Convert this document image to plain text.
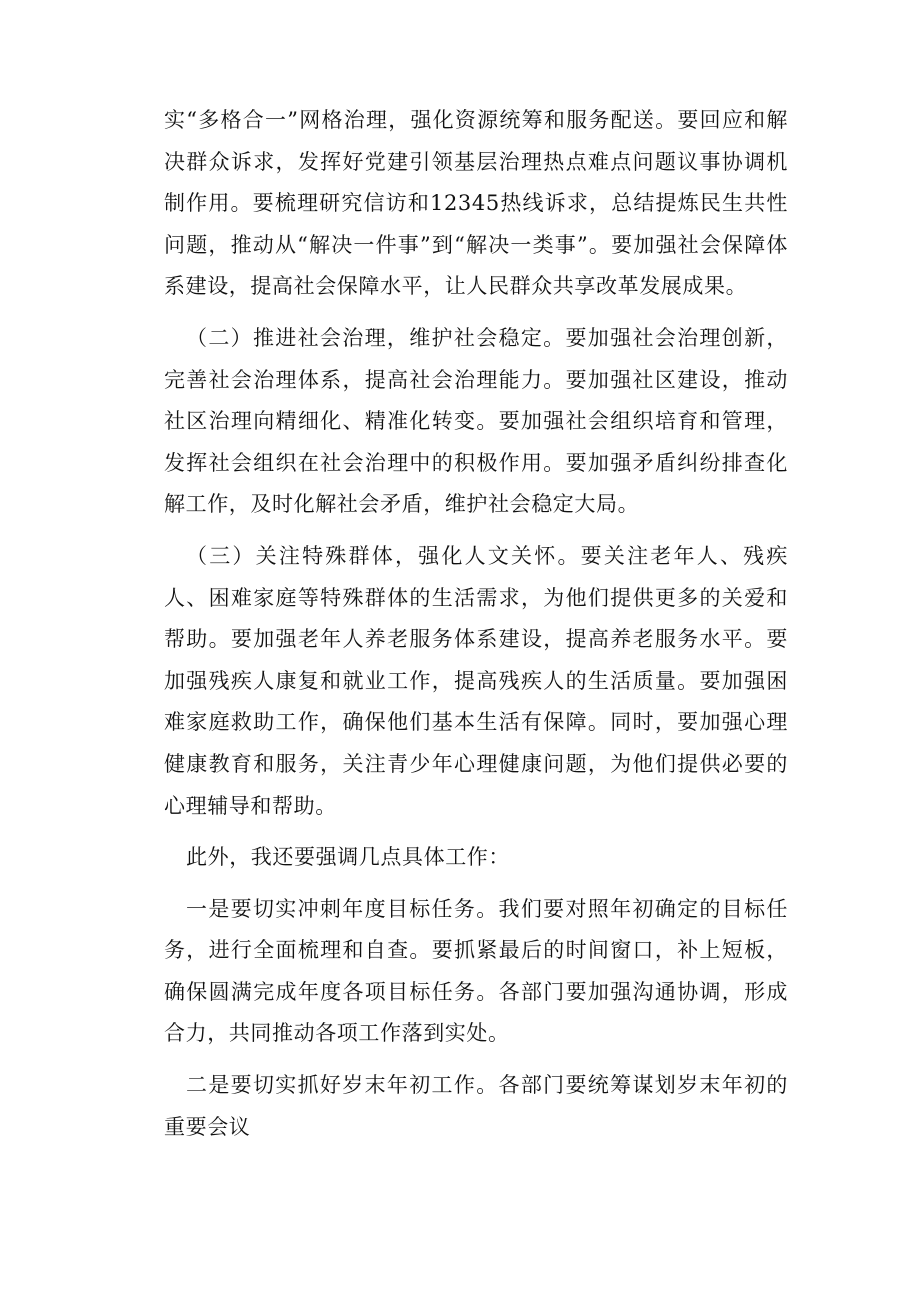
实“多格合一”网格治理，强化资源统筹和服务配送。要回应和解决群众诉求，发挥好党建引领基层治理热点难点问题议事协调机制作用。要梳理研究信访和12345热线诉求，总结提炼民生共性问题，推动从“解决一件事”到“解决一类事”。要加强社会保障体系建设，提高社会保障水平，让人民群众共享改革发展成果。

（二）推进社会治理，维护社会稳定。要加强社会治理创新，完善社会治理体系，提高社会治理能力。要加强社区建设，推动社区治理向精细化、精准化转变。要加强社会组织培育和管理，发挥社会组织在社会治理中的积极作用。要加强矛盾纠纷排查化解工作，及时化解社会矛盾，维护社会稳定大局。

（三）关注特殊群体，强化人文关怀。要关注老年人、残疾人、困难家庭等特殊群体的生活需求，为他们提供更多的关爱和帮助。要加强老年人养老服务体系建设，提高养老服务水平。要加强残疾人康复和就业工作，提高残疾人的生活质量。要加强困难家庭救助工作，确保他们基本生活有保障。同时，要加强心理健康教育和服务，关注青少年心理健康问题，为他们提供必要的心理辅导和帮助。

此外，我还要强调几点具体工作：

一是要切实冲刺年度目标任务。我们要对照年初确定的目标任务，进行全面梳理和自查。要抓紧最后的时间窗口，补上短板，确保圆满完成年度各项目标任务。各部门要加强沟通协调，形成合力，共同推动各项工作落到实处。

二是要切实抓好岁末年初工作。各部门要统筹谋划岁末年初的重要会议
